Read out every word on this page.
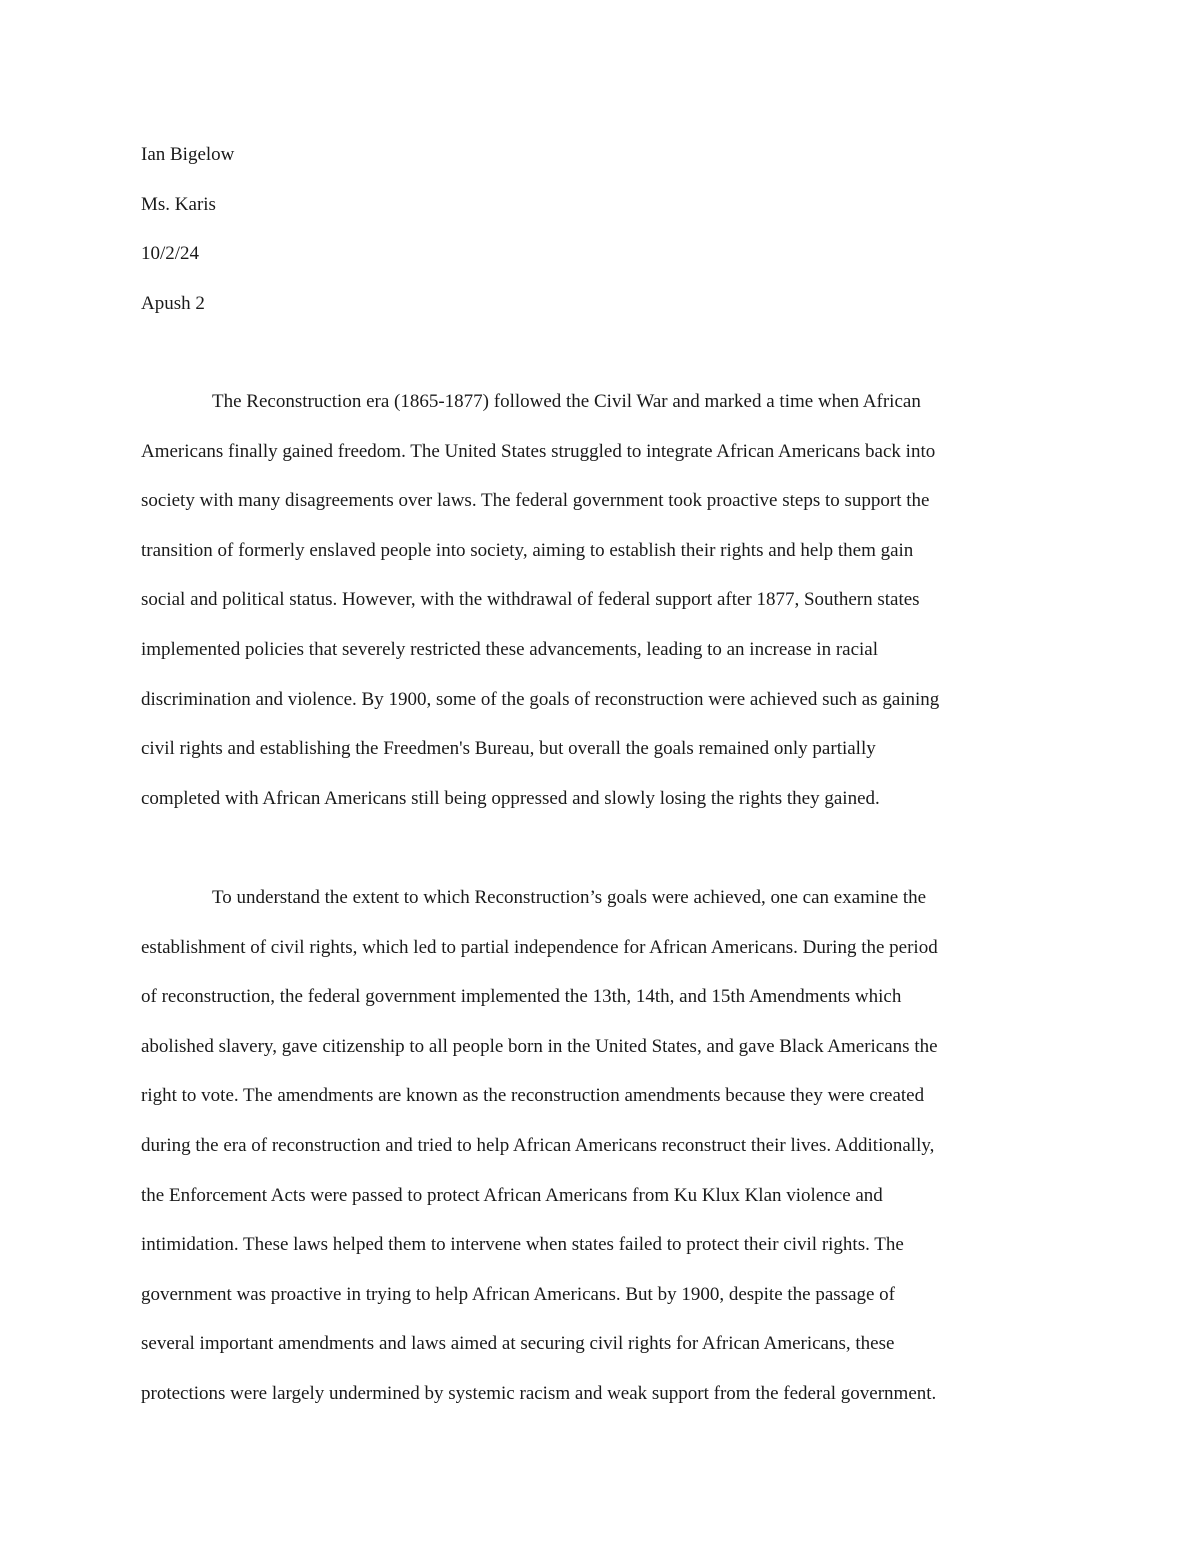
Ian Bigelow
Ms. Karis
10/2/24
Apush 2
The Reconstruction era (1865-1877) followed the Civil War and marked a time when African
Americans finally gained freedom. The United States struggled to integrate African Americans back into
society with many disagreements over laws. The federal government took proactive steps to support the
transition of formerly enslaved people into society, aiming to establish their rights and help them gain
social and political status. However, with the withdrawal of federal support after 1877, Southern states
implemented policies that severely restricted these advancements, leading to an increase in racial
discrimination and violence. By 1900, some of the goals of reconstruction were achieved such as gaining
civil rights and establishing the Freedmen's Bureau, but overall the goals remained only partially
completed with African Americans still being oppressed and slowly losing the rights they gained.
To understand the extent to which Reconstruction’s goals were achieved, one can examine the
establishment of civil rights, which led to partial independence for African Americans. During the period
of reconstruction, the federal government implemented the 13th, 14th, and 15th Amendments which
abolished slavery, gave citizenship to all people born in the United States, and gave Black Americans the
right to vote. The amendments are known as the reconstruction amendments because they were created
during the era of reconstruction and tried to help African Americans reconstruct their lives. Additionally,
the Enforcement Acts were passed to protect African Americans from Ku Klux Klan violence and
intimidation. These laws helped them to intervene when states failed to protect their civil rights. The
government was proactive in trying to help African Americans. But by 1900, despite the passage of
several important amendments and laws aimed at securing civil rights for African Americans, these
protections were largely undermined by systemic racism and weak support from the federal government.
